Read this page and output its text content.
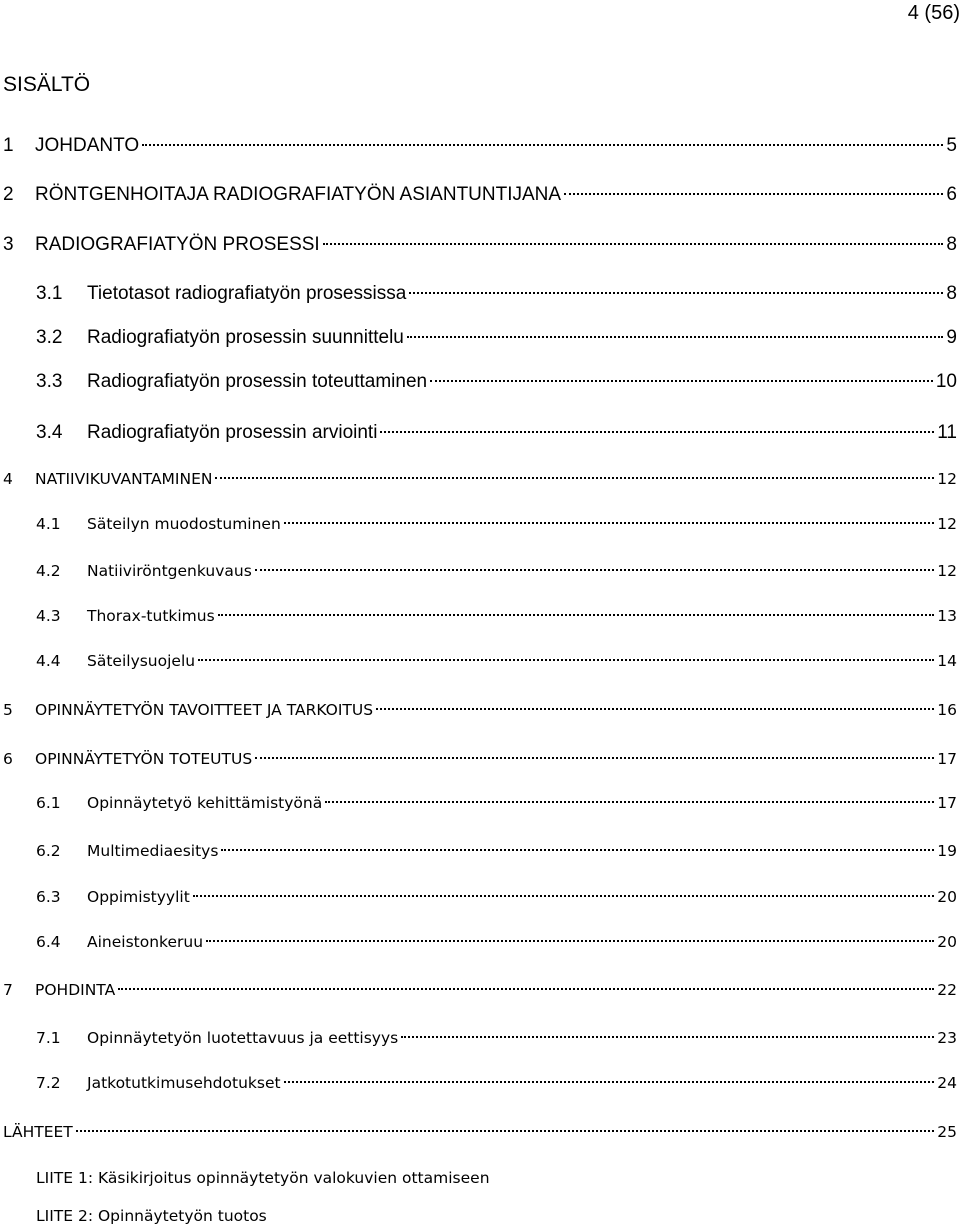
4 (56)
SISÄLTÖ
1	JOHDANTO	5
2	RÖNTGENHOITAJA RADIOGRAFIATYÖN ASIANTUNTIJANA	6
3	RADIOGRAFIATYÖN PROSESSI	8
3.1	Tietotasot radiografiatyön prosessissa	8
3.2	Radiografiatyön prosessin suunnittelu	9
3.3	Radiografiatyön prosessin toteuttaminen	10
3.4	Radiografiatyön prosessin arviointi	11
4	NATIIVIKUVANTAMINEN	12
4.1	Säteilyn muodostuminen	12
4.2	Natiiviröntgenkuvaus	12
4.3	Thorax-tutkimus	13
4.4	Säteilysuojelu	14
5	OPINNÄYTETYÖN TAVOITTEET JA TARKOITUS	16
6	OPINNÄYTETYÖN TOTEUTUS	17
6.1	Opinnäytetyö kehittämistyönä	17
6.2	Multimediaesitys	19
6.3	Oppimistyylit	20
6.4	Aineistonkeruu	20
7	POHDINTA	22
7.1	Opinnäytetyön luotettavuus ja eettisyys	23
7.2	Jatkotutkimusehdotukset	24
LÄHTEET	25
LIITE 1: Käsikirjoitus opinnäytetyön valokuvien ottamiseen
LIITE 2: Opinnäytetyön tuotos
